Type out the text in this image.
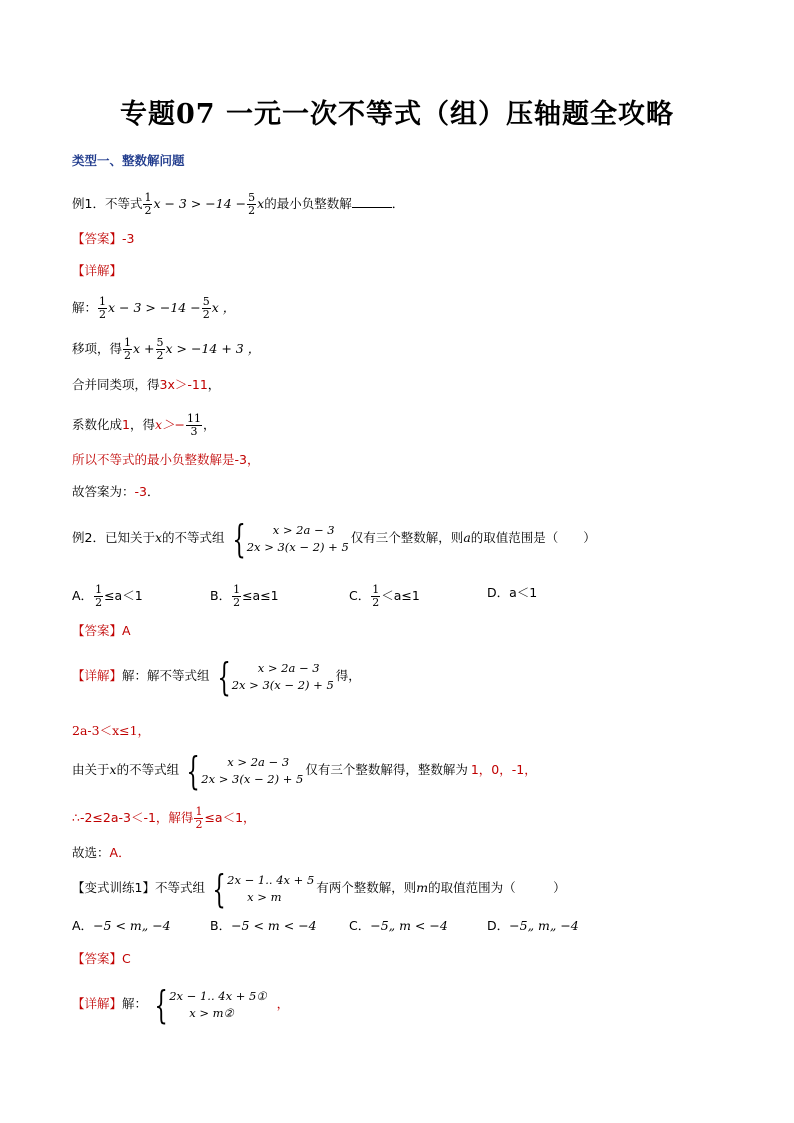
专题07 一元一次不等式（组）压轴题全攻略
类型一、整数解问题
例1．不等式 $\frac{1}{2}$ $x - 3 > -14 - \frac{5}{2}$ x的最小负整数解	．
【答案】-3
【详解】
解： $\frac{1}{2}$ $x - 3 > -14 - \frac{5}{2}$ x ，
移项，得 $\frac{1}{2}$ $x + \frac{5}{2}$ x > −14 + 3 ，
合并同类项，得3x＞-11，
系数化成1，得$x>- \frac{11}{3}$ ，
所以不等式的最小负整数解是-3，
故答案为：-3．
例2．已知关于x的不等式组 {	x > 2a − 3
2x > 3(x − 2) + 5
仅有三个整数解，则a的取值范围是（　　）
A． $\frac{1}{2} \le a<1$	B． $\frac{1}{2} \le a\le 1$	C． $\frac{1}{2} <a\le 1$	D．a＜1
【答案】A
【详解】解：解不等式组 {	x > 2a − 3
2x > 3(x − 2) + 5
得，
2a-3＜x≤1，
由关于x的不等式组 {	x > 2a − 3
2x > 3(x − 2) + 5
仅有三个整数解得，整数解为 1，0，-1，
∴-2≤2a-3＜-1，解得 $\frac{1}{2} \le a<1$，
故选：A．
【变式训练1】不等式组 { 2x − 1.. 4x + 5
x > m
有两个整数解，则m的取值范围为（　　　）
A．−5 < m„ −4	B．−5 < m < −4	C．−5„ m < −4	D．−5„ m„ −4
【答案】C
【详解】解： { 2x − 1.. 4x + 5①
x > m②
，
